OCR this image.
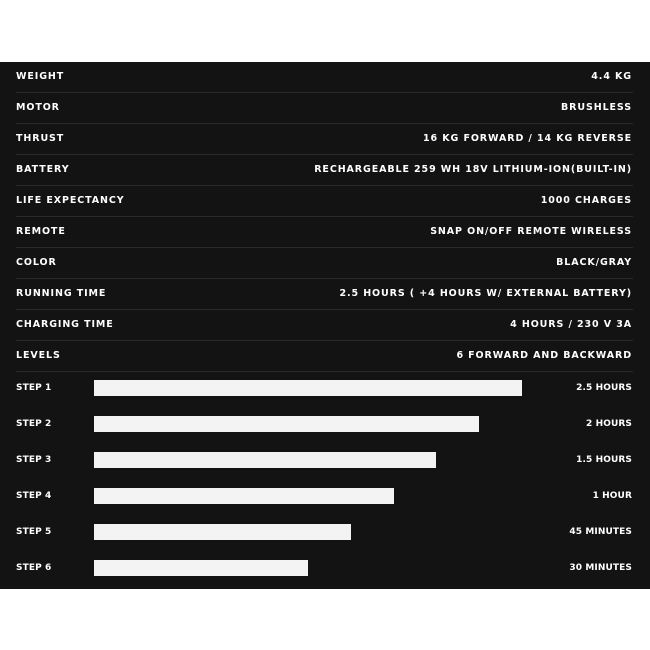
WEIGHT	4.4 KG
MOTOR	BRUSHLESS
THRUST	16 KG FORWARD / 14 KG REVERSE
BATTERY	RECHARGEABLE 259 WH 18V LITHIUM-ION(BUILT-IN)
LIFE EXPECTANCY	1000 CHARGES
REMOTE	SNAP ON/OFF REMOTE WIRELESS
COLOR	BLACK/GRAY
RUNNING TIME	2.5 HOURS ( +4 HOURS W/ EXTERNAL BATTERY)
CHARGING TIME	4 HOURS / 230 V 3A
LEVELS	6 FORWARD AND BACKWARD
STEP 1	2.5 HOURS
STEP 2	2 HOURS
STEP 3	1.5 HOURS
STEP 4	1 HOUR
STEP 5	45 MINUTES
STEP 6	30 MINUTES
